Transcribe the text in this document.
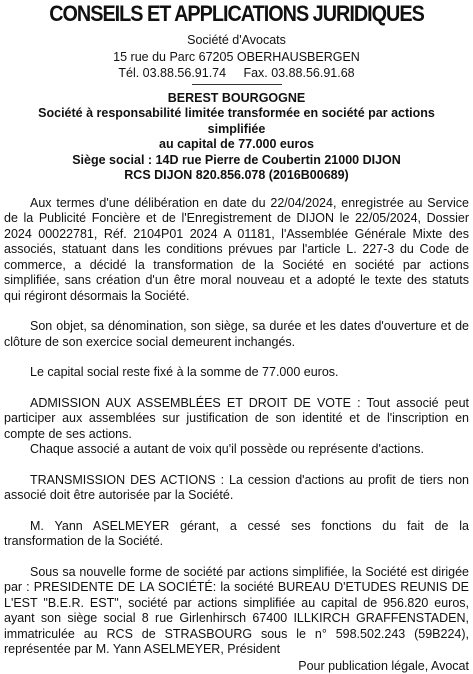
CONSEILS ET APPLICATIONS JURIDIQUES
Société d'Avocats
15 rue du Parc 67205 OBERHAUSBERGEN
Tél. 03.88.56.91.74     Fax. 03.88.56.91.68
BEREST BOURGOGNE
Société à responsabilité limitée transformée en société par actions
simplifiée
au capital de 77.000 euros
Siège social : 14D rue Pierre de Coubertin 21000 DIJON
RCS DIJON 820.856.078 (2016B00689)

Aux termes d'une délibération en date du 22/04/2024, enregistrée au Service de la Publicité Foncière et de l'Enregistrement de DIJON le 22/05/2024, Dossier 2024 00022781, Réf. 2104P01 2024 A 01181, l'Assemblée Générale Mixte des associés, statuant dans les conditions prévues par l'article L. 227-3 du Code de commerce, a décidé la transformation de la Société en société par actions simplifiée, sans création d'un être moral nouveau et a adopté le texte des statuts qui régiront désormais la Société.

Son objet, sa dénomination, son siège, sa durée et les dates d'ouverture et de clôture de son exercice social demeurent inchangés.

Le capital social reste fixé à la somme de 77.000 euros.

ADMISSION AUX ASSEMBLÉES ET DROIT DE VOTE : Tout associé peut participer aux assemblées sur justification de son identité et de l'inscription en compte de ses actions.

Chaque associé a autant de voix qu'il possède ou représente d'actions.

TRANSMISSION DES ACTIONS : La cession d'actions au profit de tiers non associé doit être autorisée par la Société.

M. Yann ASELMEYER gérant, a cessé ses fonctions du fait de la transformation de la Société.

Sous sa nouvelle forme de société par actions simplifiée, la Société est dirigée par : PRESIDENTE DE LA SOCIÉTÉ: la société BUREAU D'ETUDES REUNIS DE L'EST "B.E.R. EST", société par actions simplifiée au capital de 956.820 euros, ayant son siège social 8 rue Girlenhirsch 67400 ILLKIRCH GRAFFENSTADEN, immatriculée au RCS de STRASBOURG sous le n° 598.502.243 (59B224), représentée par M. Yann ASELMEYER, Président

Pour publication légale, Avocat
